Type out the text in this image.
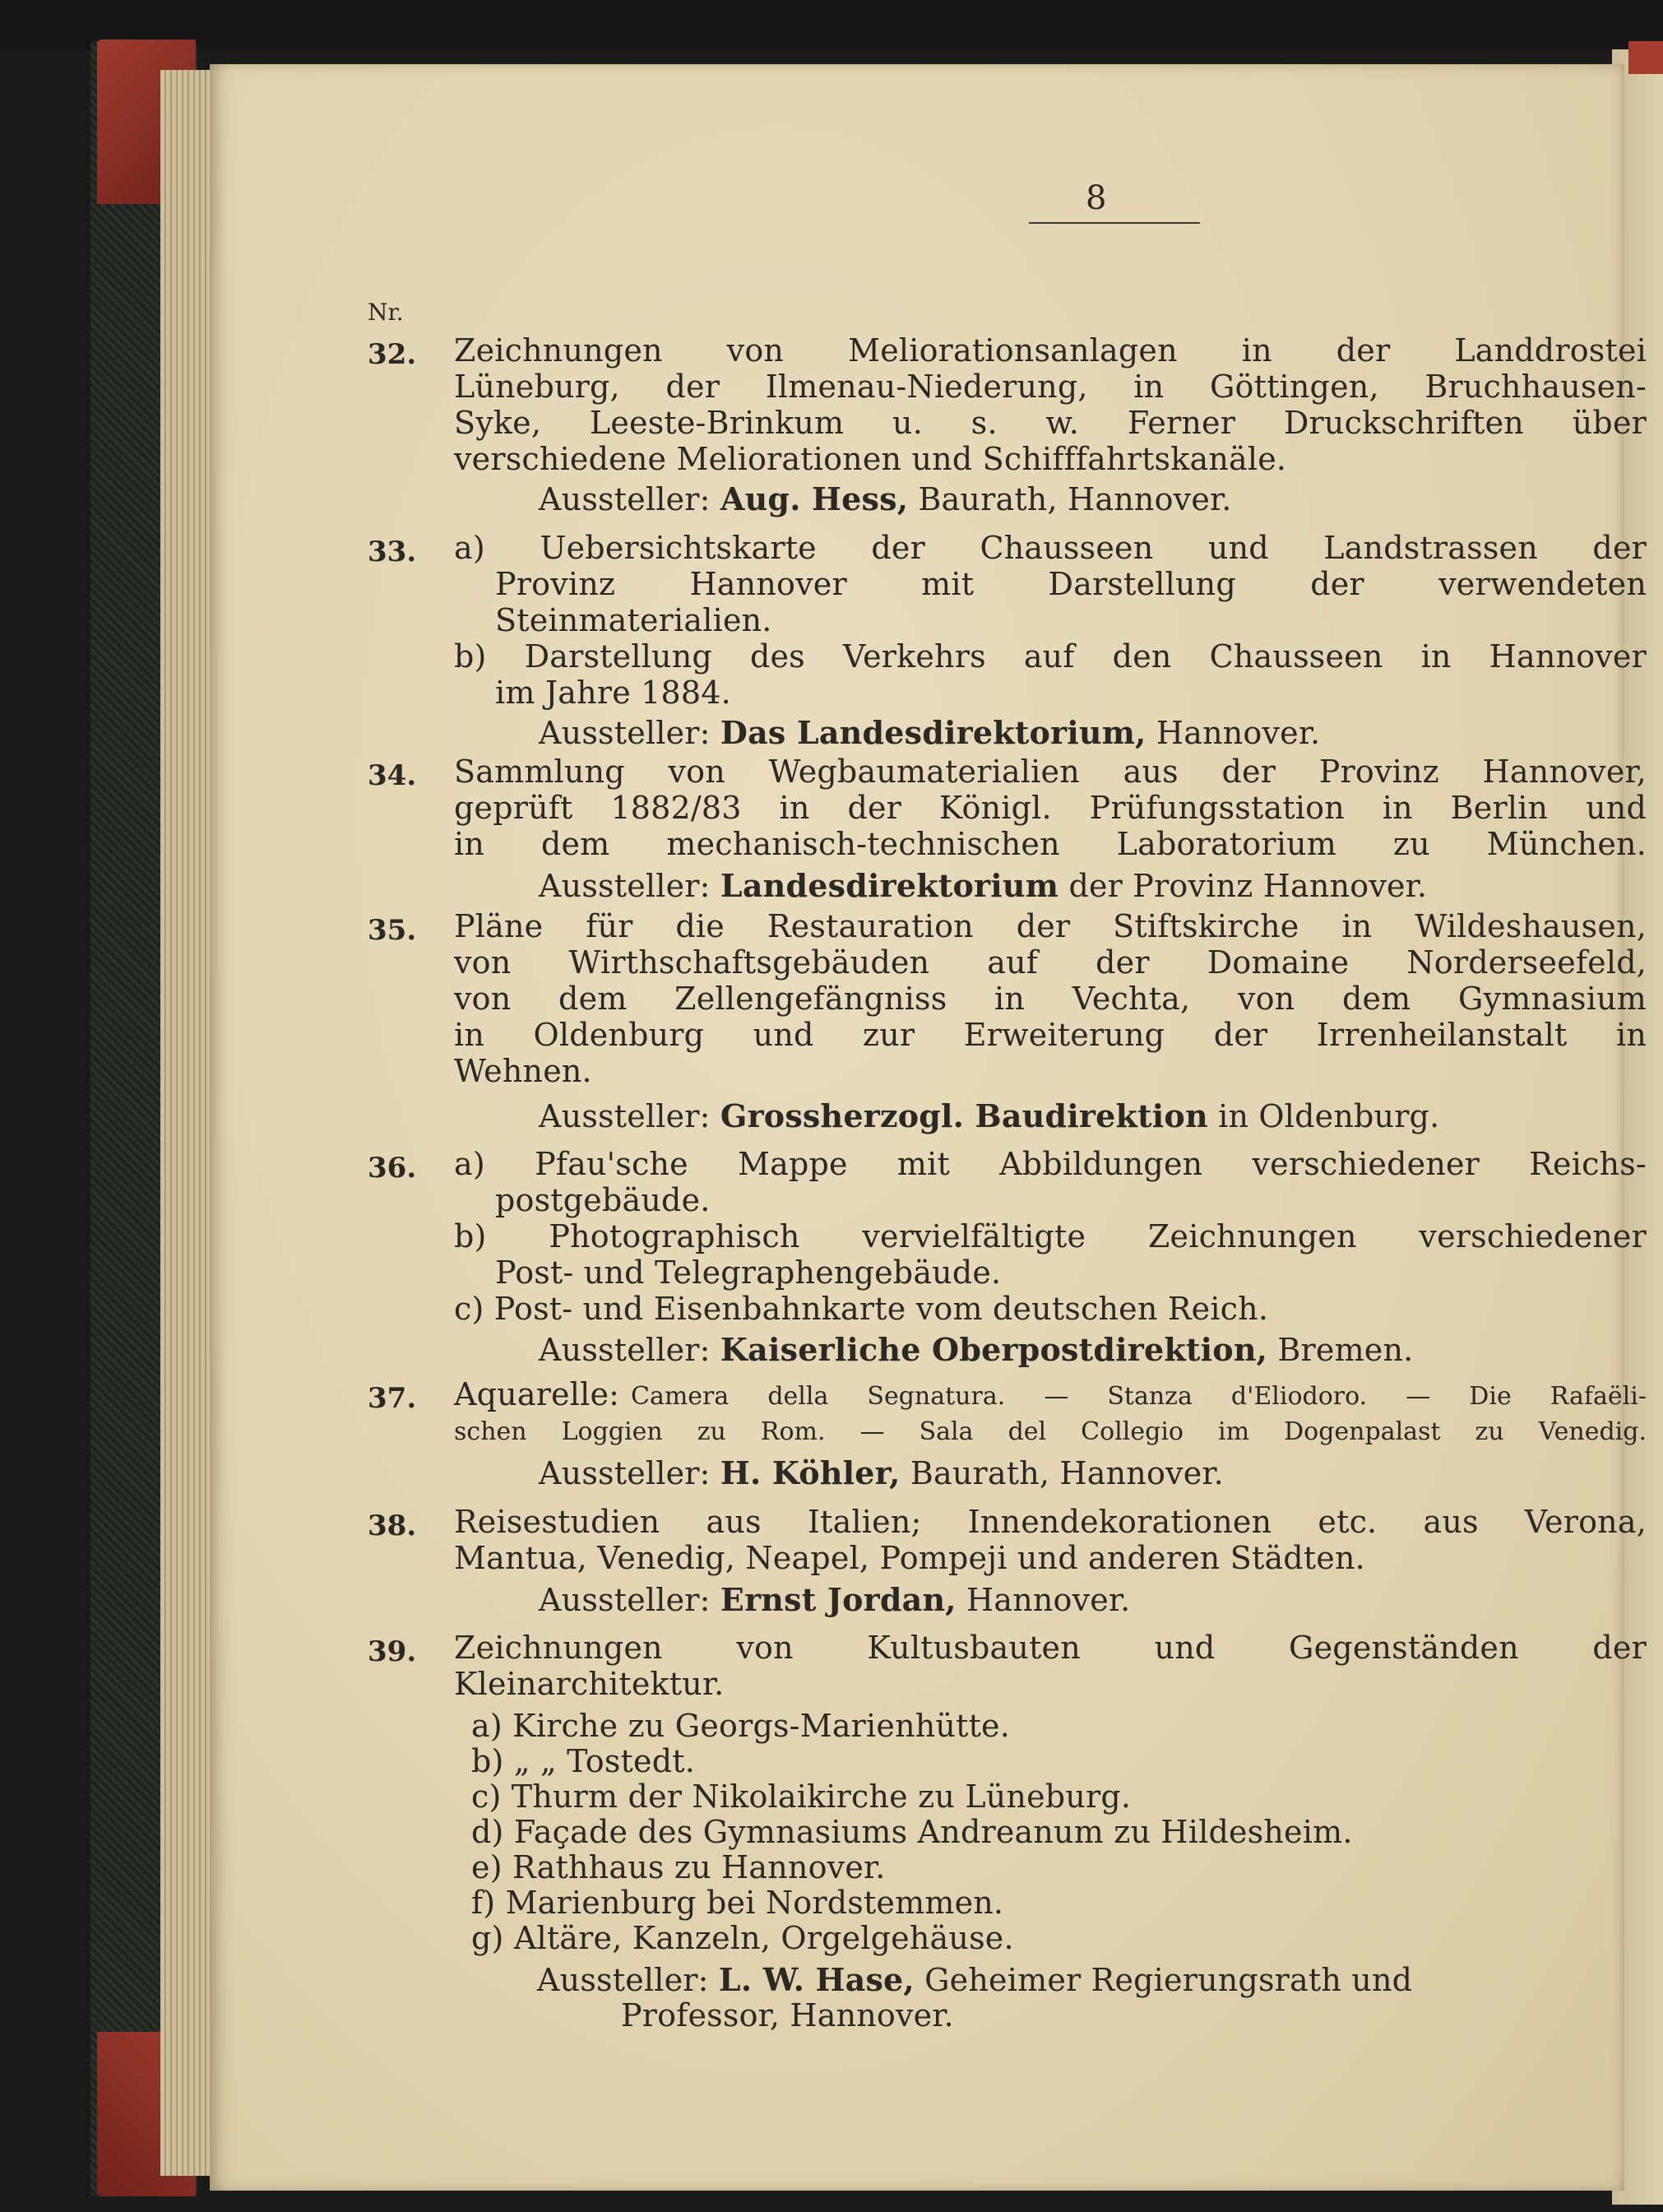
8
Nr.
32. Zeichnungen von Meliorationsanlagen in der Landdrostei
Lüneburg, der Ilmenau-Niederung, in Göttingen, Bruchhausen-
Syke, Leeste-Brinkum u. s. w. Ferner Druckschriften über
verschiedene Meliorationen und Schifffahrtskanäle.
Aussteller: Aug. Hess, Baurath, Hannover.
33. a) Uebersichtskarte der Chausseen und Landstrassen der
Provinz Hannover mit Darstellung der verwendeten
Steinmaterialien.
b) Darstellung des Verkehrs auf den Chausseen in Hannover
im Jahre 1884.
Aussteller: Das Landesdirektorium, Hannover.
34. Sammlung von Wegbaumaterialien aus der Provinz Hannover,
geprüft 1882/83 in der Königl. Prüfungsstation in Berlin und
in dem mechanisch-technischen Laboratorium zu München.
Aussteller: Landesdirektorium der Provinz Hannover.
35. Pläne für die Restauration der Stiftskirche in Wildeshausen,
von Wirthschaftsgebäuden auf der Domaine Norderseefeld,
von dem Zellengefängniss in Vechta, von dem Gymnasium
in Oldenburg und zur Erweiterung der Irrenheilanstalt in
Wehnen.
Aussteller: Grossherzogl. Baudirektion in Oldenburg.
36. a) Pfau'sche Mappe mit Abbildungen verschiedener Reichs-
postgebäude.
b) Photographisch vervielfältigte Zeichnungen verschiedener
Post- und Telegraphengebäude.
c) Post- und Eisenbahnkarte vom deutschen Reich.
Aussteller: Kaiserliche Oberpostdirektion, Bremen.
37. Aquarelle: Camera della Segnatura. — Stanza d'Eliodoro. — Die Rafaëli-
schen Loggien zu Rom. — Sala del Collegio im Dogenpalast zu Venedig.
Aussteller: H. Köhler, Baurath, Hannover.
38. Reisestudien aus Italien; Innendekorationen etc. aus Verona,
Mantua, Venedig, Neapel, Pompeji und anderen Städten.
Aussteller: Ernst Jordan, Hannover.
39. Zeichnungen von Kultusbauten und Gegenständen der
Kleinarchitektur.
a) Kirche zu Georgs-Marienhütte.
b) „ „ Tostedt.
c) Thurm der Nikolaikirche zu Lüneburg.
d) Façade des Gymnasiums Andreanum zu Hildesheim.
e) Rathhaus zu Hannover.
f) Marienburg bei Nordstemmen.
g) Altäre, Kanzeln, Orgelgehäuse.
Aussteller: L. W. Hase, Geheimer Regierungsrath und
Professor, Hannover.
